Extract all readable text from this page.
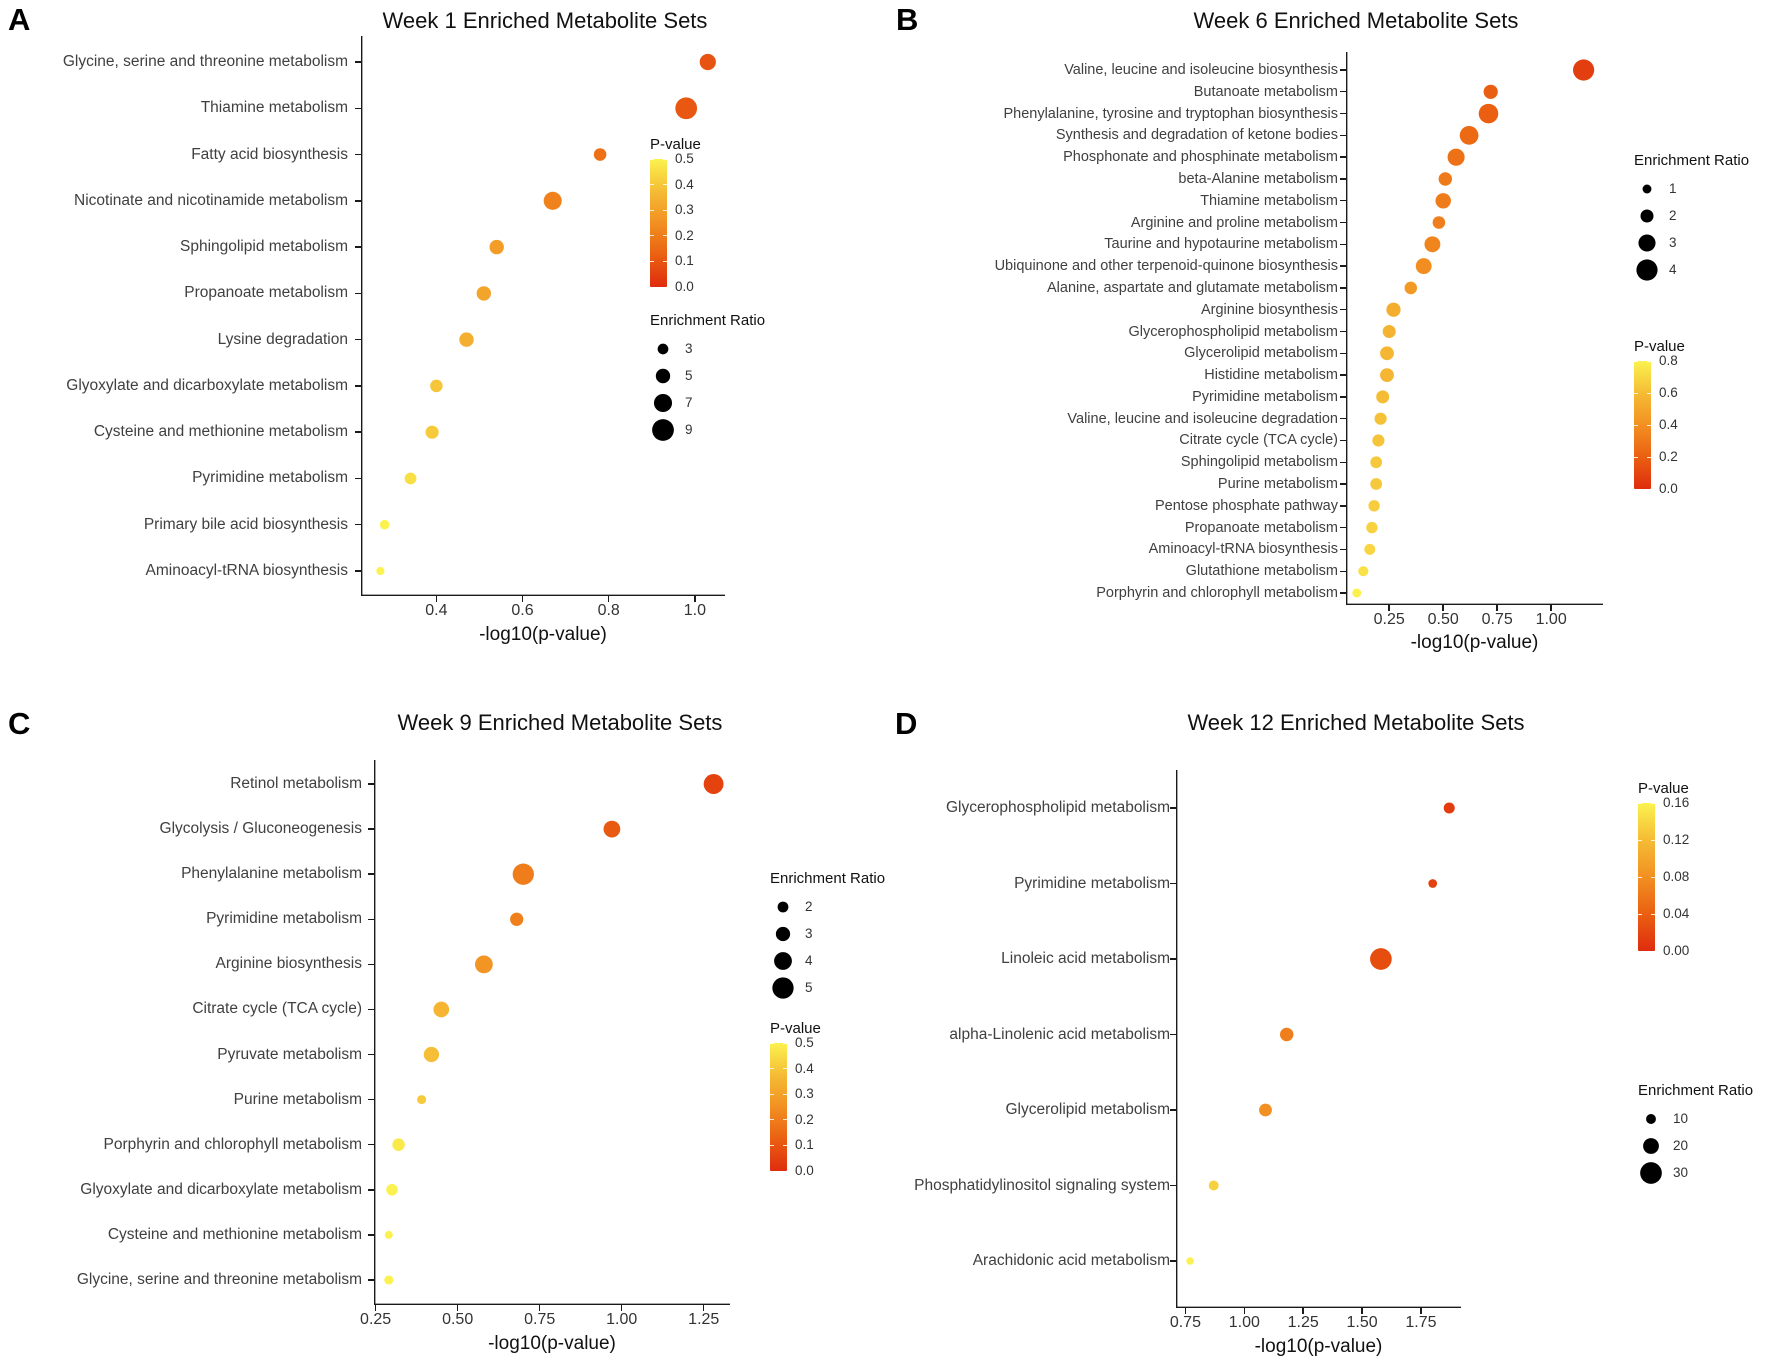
A	Week 1 Enriched Metabolite Sets
Glycine, serine and threonine metabolism
Thiamine metabolism
Fatty acid biosynthesis
Nicotinate and nicotinamide metabolism
Sphingolipid metabolism
Propanoate metabolism
Lysine degradation
Glyoxylate and dicarboxylate metabolism
Cysteine and methionine metabolism
Pyrimidine metabolism
Primary bile acid biosynthesis
Aminoacyl-tRNA biosynthesis
0.4	0.6	0.8	1.0
-log10(p-value)
P-value
0.5
0.4
0.3
0.2
0.1
0.0
Enrichment Ratio
3
5
7
9
B	Week 6 Enriched Metabolite Sets
Valine, leucine and isoleucine biosynthesis
Butanoate metabolism
Phenylalanine, tyrosine and tryptophan biosynthesis
Synthesis and degradation of ketone bodies
Phosphonate and phosphinate metabolism
beta-Alanine metabolism
Thiamine metabolism
Arginine and proline metabolism
Taurine and hypotaurine metabolism
Ubiquinone and other terpenoid-quinone biosynthesis
Alanine, aspartate and glutamate metabolism
Arginine biosynthesis
Glycerophospholipid metabolism
Glycerolipid metabolism
Histidine metabolism
Pyrimidine metabolism
Valine, leucine and isoleucine degradation
Citrate cycle (TCA cycle)
Sphingolipid metabolism
Purine metabolism
Pentose phosphate pathway
Propanoate metabolism
Aminoacyl-tRNA biosynthesis
Glutathione metabolism
Porphyrin and chlorophyll metabolism
0.25	0.50	0.75	1.00
-log10(p-value)
Enrichment Ratio
1
2
3
4
P-value
0.8
0.6
0.4
0.2
0.0
C	Week 9 Enriched Metabolite Sets
Retinol metabolism
Glycolysis / Gluconeogenesis
Phenylalanine metabolism
Pyrimidine metabolism
Arginine biosynthesis
Citrate cycle (TCA cycle)
Pyruvate metabolism
Purine metabolism
Porphyrin and chlorophyll metabolism
Glyoxylate and dicarboxylate metabolism
Cysteine and methionine metabolism
Glycine, serine and threonine metabolism
0.25	0.50	0.75	1.00	1.25
-log10(p-value)
Enrichment Ratio
2
3
4
5
P-value
0.5
0.4
0.3
0.2
0.1
0.0
D	Week 12 Enriched Metabolite Sets
Glycerophospholipid metabolism
Pyrimidine metabolism
Linoleic acid metabolism
alpha-Linolenic acid metabolism
Glycerolipid metabolism
Phosphatidylinositol signaling system
Arachidonic acid metabolism
0.75	1.00	1.25	1.50	1.75
-log10(p-value)
P-value
0.16
0.12
0.08
0.04
0.00
Enrichment Ratio
10
20
30
